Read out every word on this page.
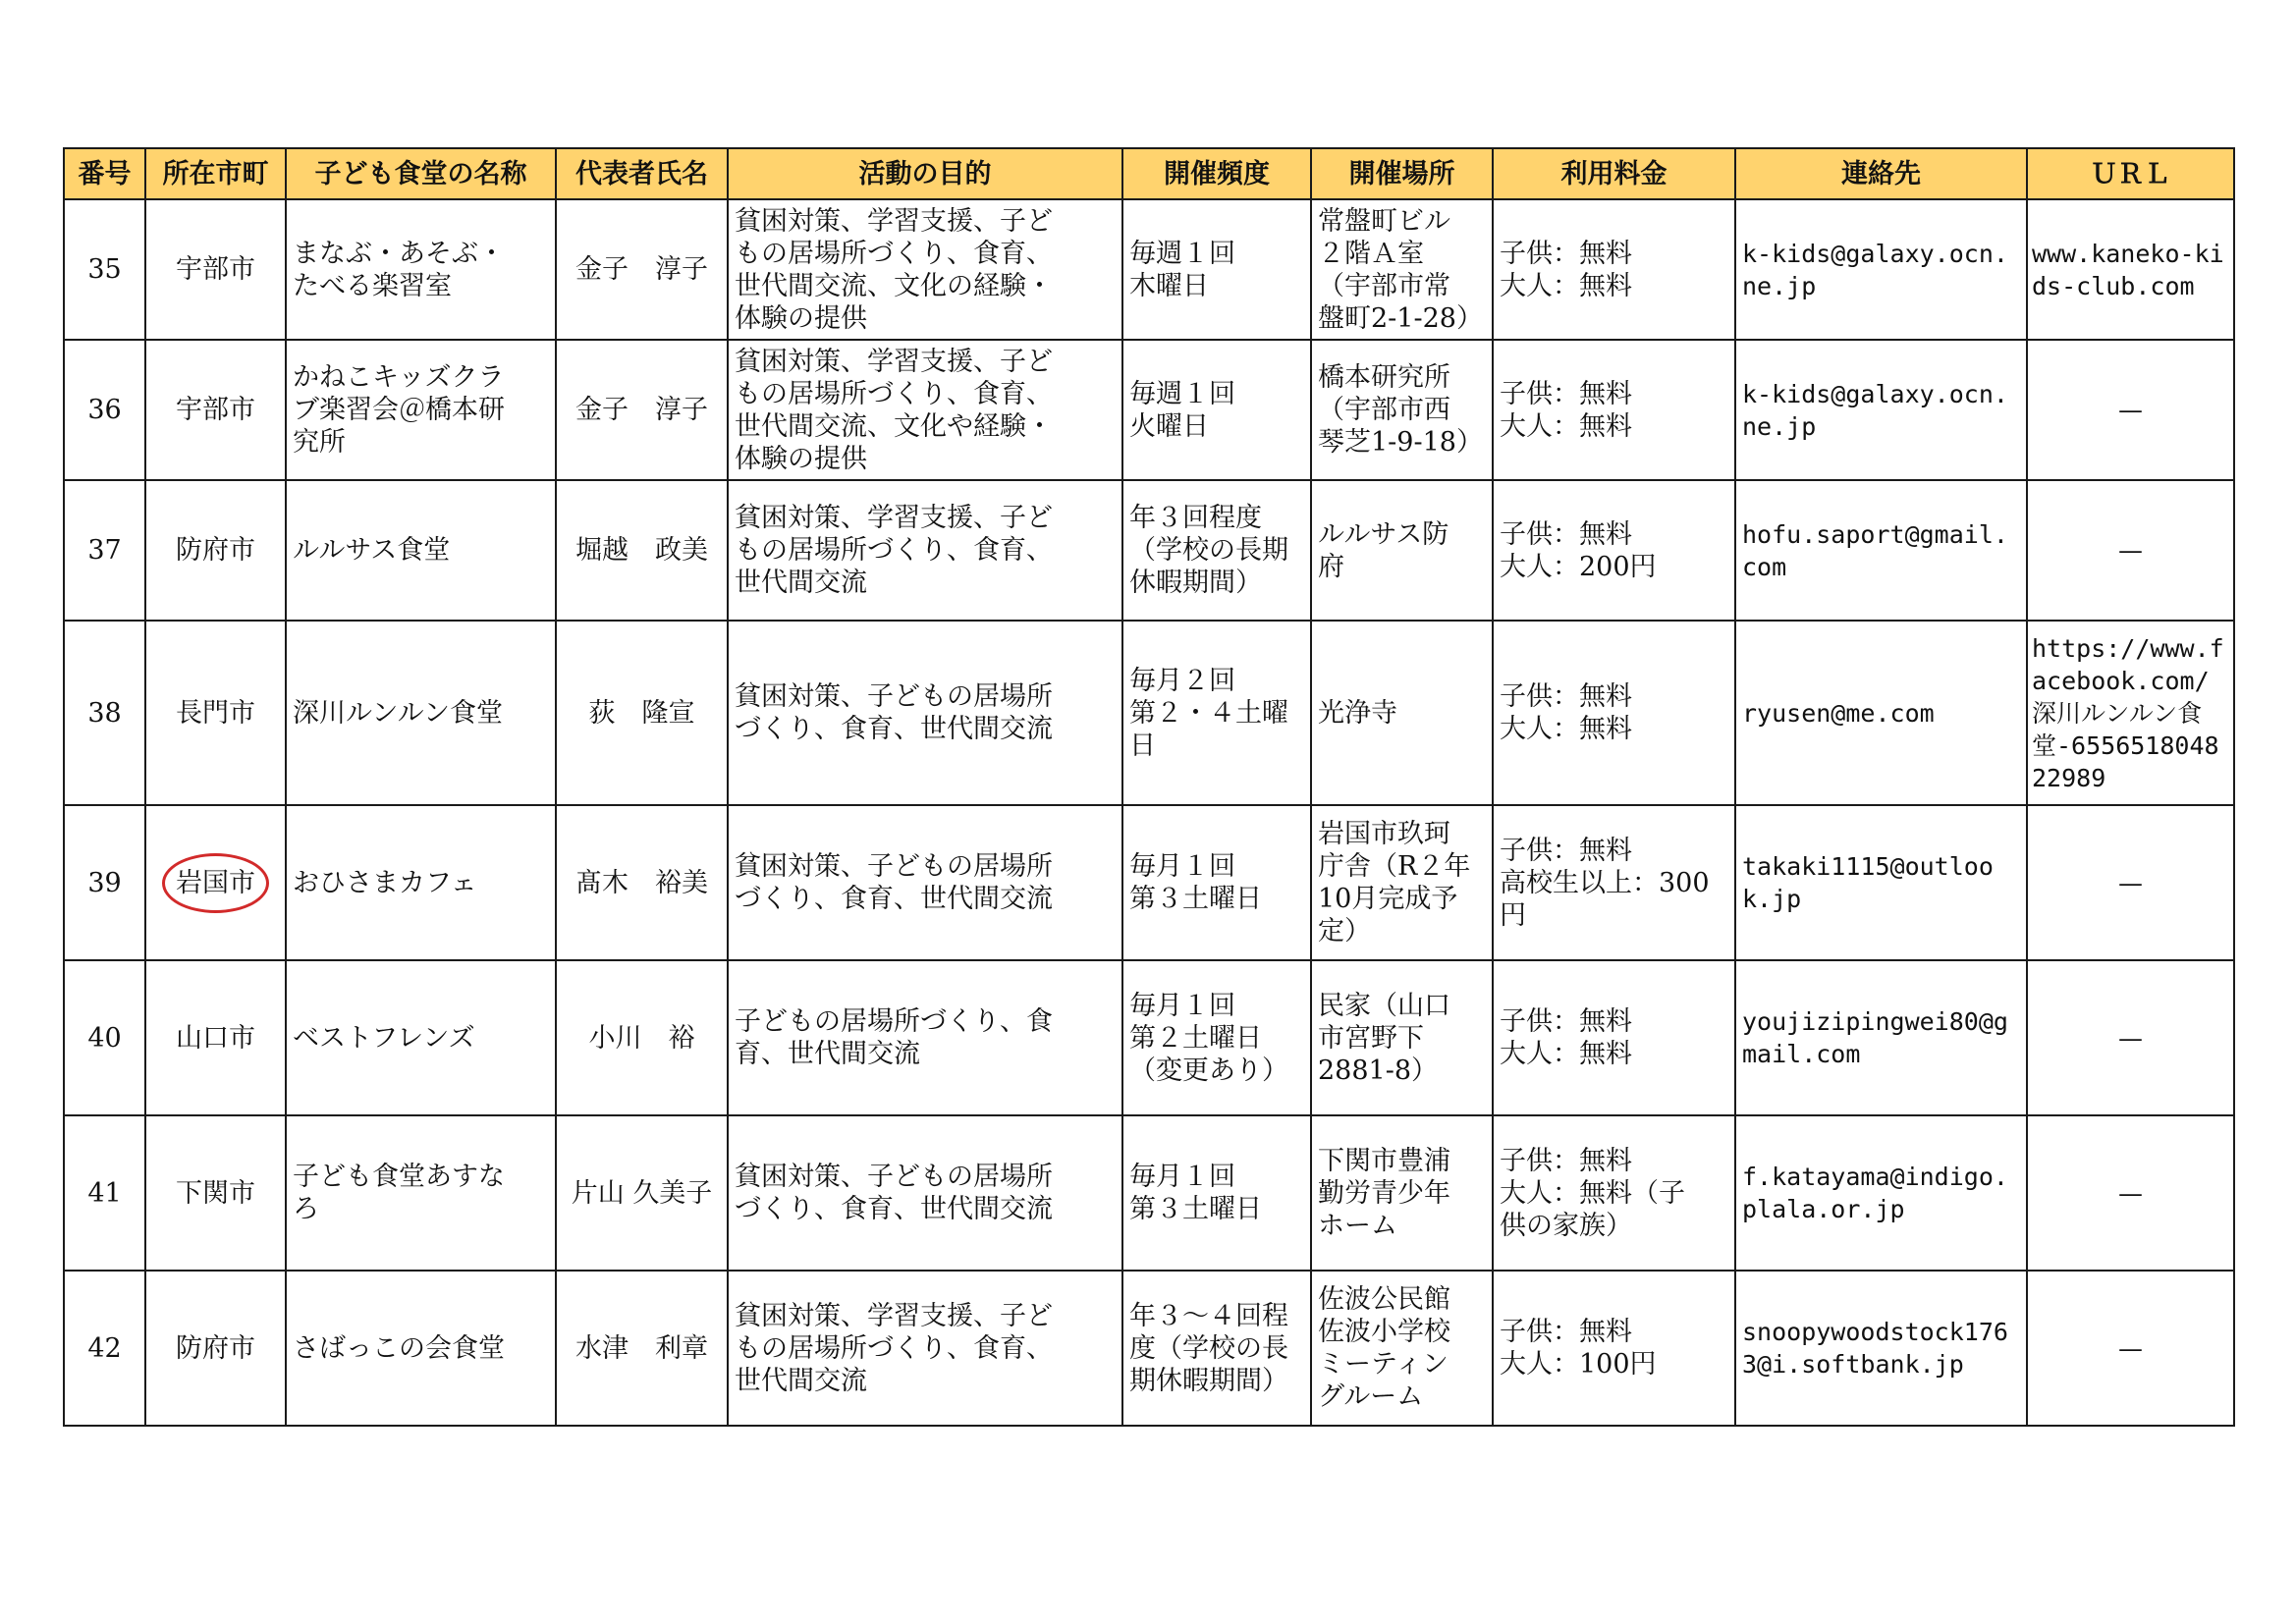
番号	所在市町	子ども食堂の名称	代表者氏名	活動の目的	開催頻度	開催場所	利用料金	連絡先	ＵＲＬ
35	宇部市	まなぶ・あそぶ・
たべる楽習室	金子　淳子	貧困対策、学習支援、子ど
もの居場所づくり、食育、
世代間交流、文化の経験・
体験の提供	毎週１回
木曜日	常盤町ビル
２階Ａ室
（宇部市常
盤町2-1-28）	子供：無料
大人：無料	k-kids@galaxy.ocn.ne.jp	www.kaneko-kids-club.com
36	宇部市	かねこキッズクラ
ブ楽習会＠橋本研
究所	金子　淳子	貧困対策、学習支援、子ど
もの居場所づくり、食育、
世代間交流、文化や経験・
体験の提供	毎週１回
火曜日	橋本研究所
（宇部市西
琴芝1-9-18）	子供：無料
大人：無料	k-kids@galaxy.ocn.ne.jp	—
37	防府市	ルルサス食堂	堀越　政美	貧困対策、学習支援、子ど
もの居場所づくり、食育、
世代間交流	年３回程度
（学校の長期
休暇期間）	ルルサス防
府	子供：無料
大人：200円	hofu.saport@gmail.com	—
38	長門市	深川ルンルン食堂	荻　隆宣	貧困対策、子どもの居場所
づくり、食育、世代間交流	毎月２回
第２・４土曜
日	光浄寺	子供：無料
大人：無料	ryusen@me.com	https://www.facebook.com/深川ルンルン食堂-655651804822989
39	岩国市	おひさまカフェ	髙木　裕美	貧困対策、子どもの居場所
づくり、食育、世代間交流	毎月１回
第３土曜日	岩国市玖珂
庁舎（R２年
10月完成予
定）	子供：無料
高校生以上：300
円	takaki1115@outlook.jp	—
40	山口市	ベストフレンズ	小川　裕	子どもの居場所づくり、食
育、世代間交流	毎月１回
第２土曜日
（変更あり）	民家（山口
市宮野下
2881-8）	子供：無料
大人：無料	youjizipingwei80@gmail.com	—
41	下関市	子ども食堂あすな
ろ	片山 久美子	貧困対策、子どもの居場所
づくり、食育、世代間交流	毎月１回
第３土曜日	下関市豊浦
勤労青少年
ホーム	子供：無料
大人：無料（子
供の家族）	f.katayama@indigo.plala.or.jp	—
42	防府市	さばっこの会食堂	水津　利章	貧困対策、学習支援、子ど
もの居場所づくり、食育、
世代間交流	年３～４回程
度（学校の長
期休暇期間）	佐波公民館
佐波小学校
ミーティン
グルーム	子供：無料
大人：100円	snoopywoodstock1763@i.softbank.jp	—
